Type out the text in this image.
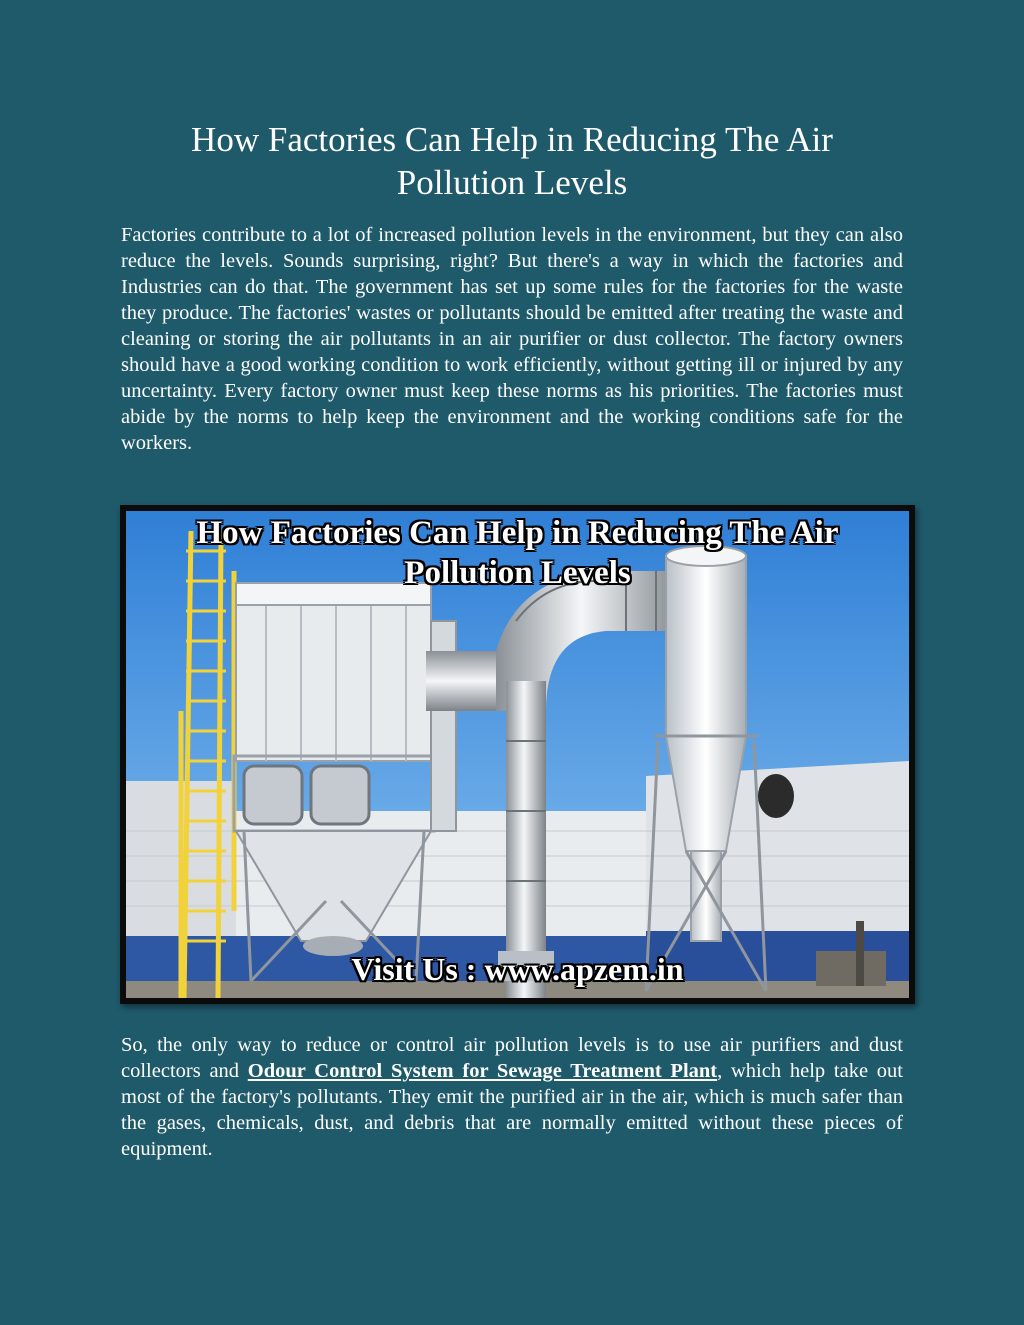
How Factories Can Help in Reducing The Air Pollution Levels

Factories contribute to a lot of increased pollution levels in the environment, but they can also reduce the levels. Sounds surprising, right? But there's a way in which the factories and Industries can do that. The government has set up some rules for the factories for the waste they produce. The factories' wastes or pollutants should be emitted after treating the waste and cleaning or storing the air pollutants in an air purifier or dust collector. The factory owners should have a good working condition to work efficiently, without getting ill or injured by any uncertainty. Every factory owner must keep these norms as his priorities. The factories must abide by the norms to help keep the environment and the working conditions safe for the workers.

How Factories Can Help in Reducing The Air
Pollution Levels
Visit Us : www.apzem.in

So, the only way to reduce or control air pollution levels is to use air purifiers and dust collectors and Odour Control System for Sewage Treatment Plant, which help take out most of the factory's pollutants. They emit the purified air in the air, which is much safer than the gases, chemicals, dust, and debris that are normally emitted without these pieces of equipment.
